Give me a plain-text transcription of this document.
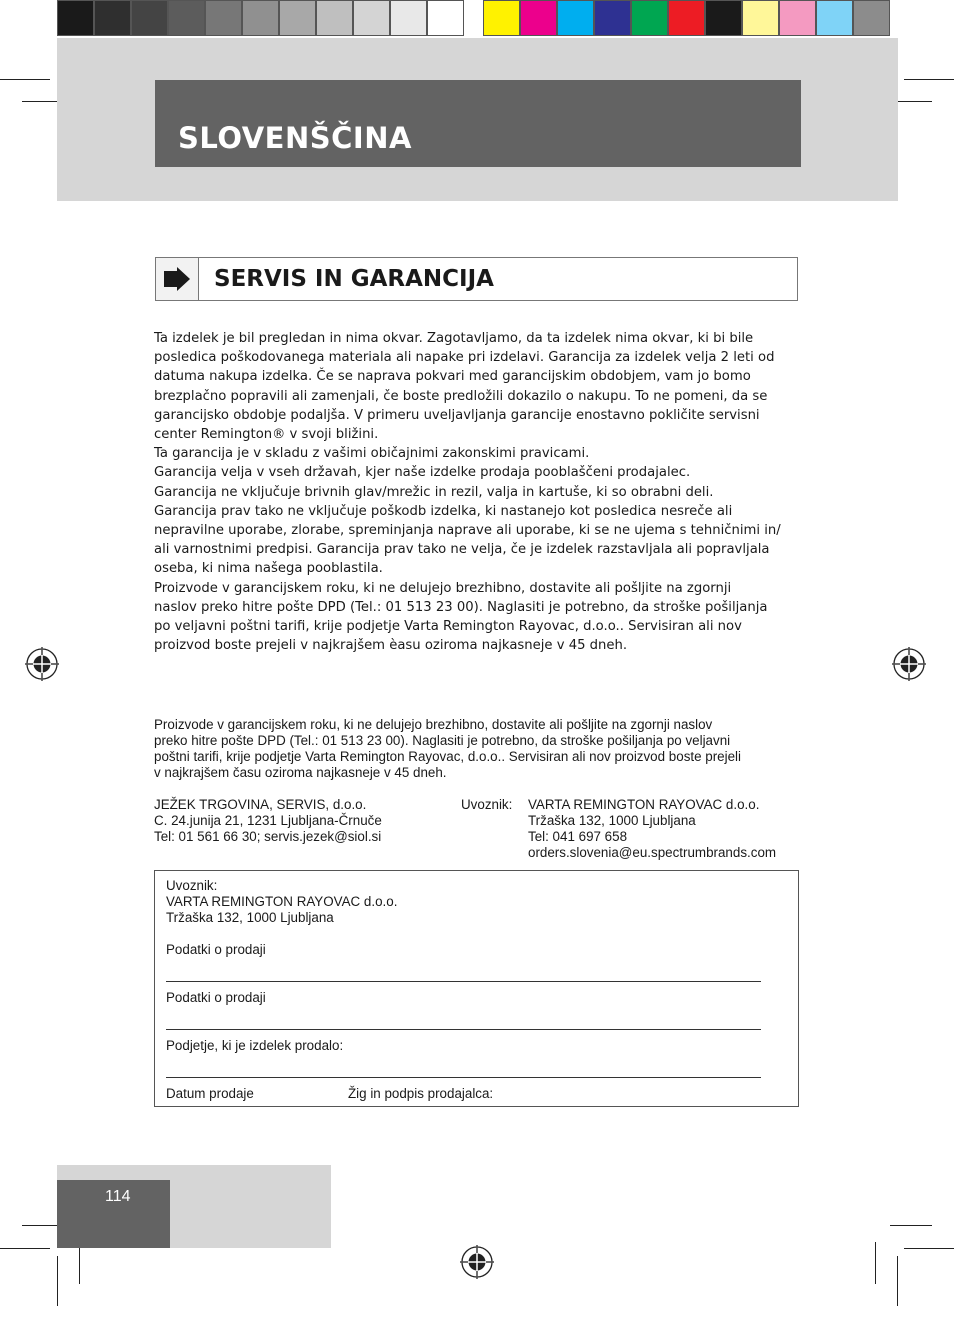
SLOVENŠČINA
SERVIS IN GARANCIJA

Ta izdelek je bil pregledan in nima okvar. Zagotavljamo, da ta izdelek nima okvar, ki bi bile

posledica poškodovanega materiala ali napake pri izdelavi. Garancija za izdelek velja 2 leti od

datuma nakupa izdelka. Če se naprava pokvari med garancijskim obdobjem, vam jo bomo

brezplačno popravili ali zamenjali, če boste predložili dokazilo o nakupu. To ne pomeni, da se

garancijsko obdobje podaljša. V primeru uveljavljanja garancije enostavno pokličite servisni

center Remington® v svoji bližini.

Ta garancija je v skladu z vašimi običajnimi zakonskimi pravicami.

Garancija velja v vseh državah, kjer naše izdelke prodaja pooblaščeni prodajalec.

Garancija ne vključuje brivnih glav/mrežic in rezil, valja in kartuše, ki so obrabni deli.

Garancija prav tako ne vključuje poškodb izdelka, ki nastanejo kot posledica nesreče ali

nepravilne uporabe, zlorabe, spreminjanja naprave ali uporabe, ki se ne ujema s tehničnimi in/

ali varnostnimi predpisi. Garancija prav tako ne velja, če je izdelek razstavljala ali popravljala

oseba, ki nima našega pooblastila.

Proizvode v garancijskem roku, ki ne delujejo brezhibno, dostavite ali pošljite na zgornji

naslov preko hitre pošte DPD (Tel.: 01 513 23 00). Naglasiti je potrebno, da stroške pošiljanja

po veljavni poštni tarifi, krije podjetje Varta Remington Rayovac, d.o.o.. Servisiran ali nov

proizvod boste prejeli v najkrajšem èasu oziroma najkasneje v 45 dneh.

Proizvode v garancijskem roku, ki ne delujejo brezhibno, dostavite ali pošljite na zgornji naslov

preko hitre pošte DPD (Tel.: 01 513 23 00). Naglasiti je potrebno, da stroške pošiljanja po veljavni

poštni tarifi, krije podjetje Varta Remington Rayovac, d.o.o.. Servisiran ali nov proizvod boste prejeli

v najkrajšem času oziroma najkasneje v 45 dneh.

JEŽEK TRGOVINA, SERVIS, d.o.o.

C. 24.junija 21, 1231 Ljubljana-Črnuče

Tel: 01 561 66 30; servis.jezek@siol.si

Uvoznik: VARTA REMINGTON RAYOVAC d.o.o.

Tržaška 132, 1000 Ljubljana

Tel: 041 697 658

orders.slovenia@eu.spectrumbrands.com

Uvoznik:
VARTA REMINGTON RAYOVAC d.o.o.
Tržaška 132, 1000 Ljubljana
Podatki o prodaji
Podatki o prodaji
Podjetje, ki je izdelek prodalo:
Datum prodaje	Žig in podpis prodajalca:
114
